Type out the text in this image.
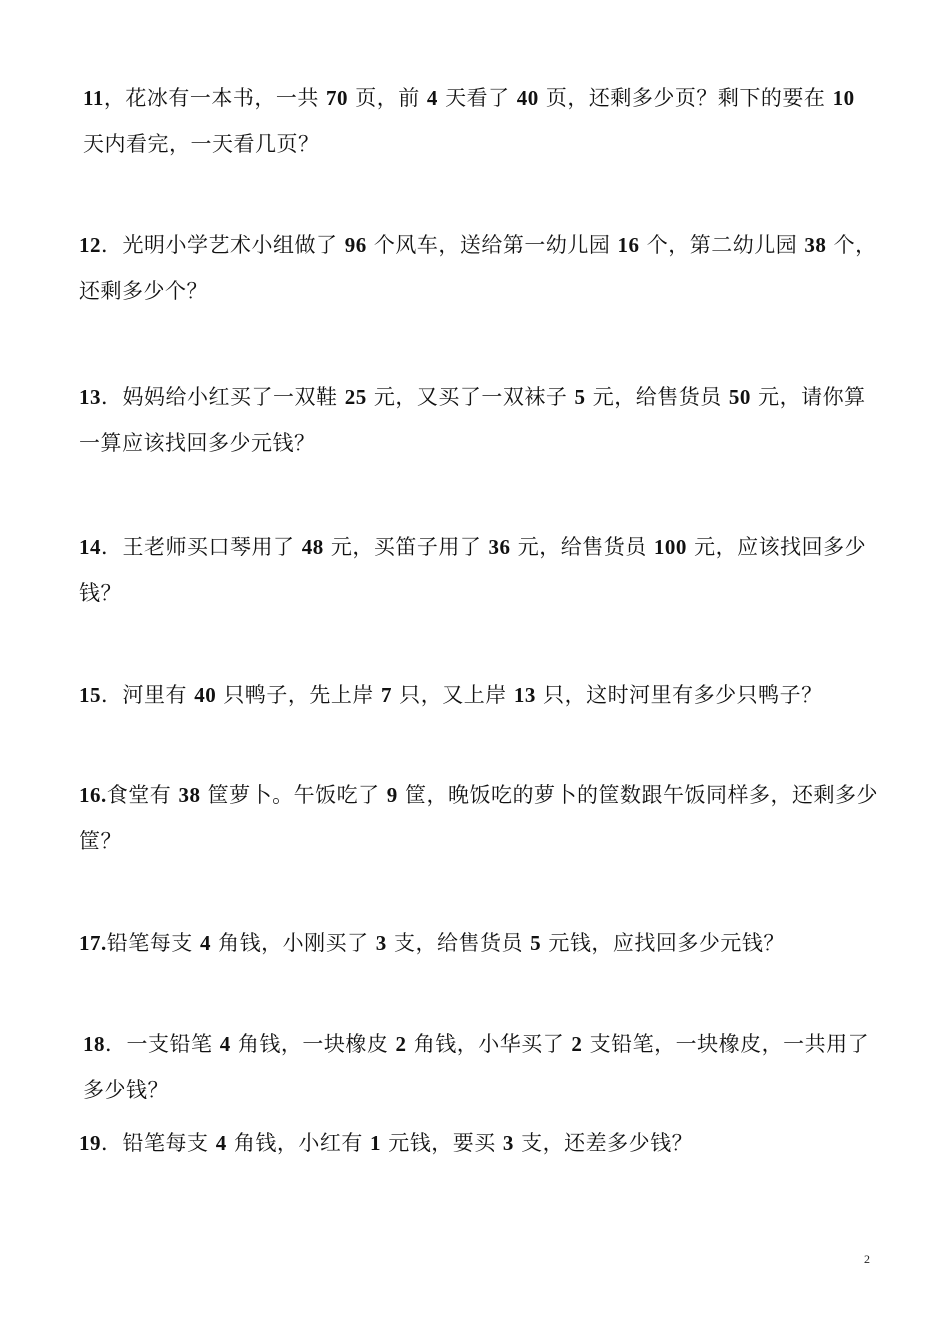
11，花冰有一本书，一共 70 页，前 4 天看了 40 页，还剩多少页？剩下的要在 10 天内看完，一天看几页？

12．光明小学艺术小组做了 96 个风车，送给第一幼儿园 16 个，第二幼儿园 38 个，还剩多少个？

13．妈妈给小红买了一双鞋 25 元，又买了一双袜子 5 元，给售货员 50 元，请你算一算应该找回多少元钱？

14．王老师买口琴用了 48 元，买笛子用了 36 元，给售货员 100 元，应该找回多少钱？

15．河里有 40 只鸭子，先上岸 7 只，又上岸 13 只，这时河里有多少只鸭子？

16.食堂有 38 筐萝卜。午饭吃了 9 筐，晚饭吃的萝卜的筐数跟午饭同样多，还剩多少筐？

17.铅笔每支 4 角钱，小刚买了 3 支，给售货员 5 元钱，应找回多少元钱？

18．一支铅笔 4 角钱，一块橡皮 2 角钱，小华买了 2 支铅笔，一块橡皮，一共用了多少钱？

19．铅笔每支 4 角钱，小红有 1 元钱，要买 3 支，还差多少钱？

2
